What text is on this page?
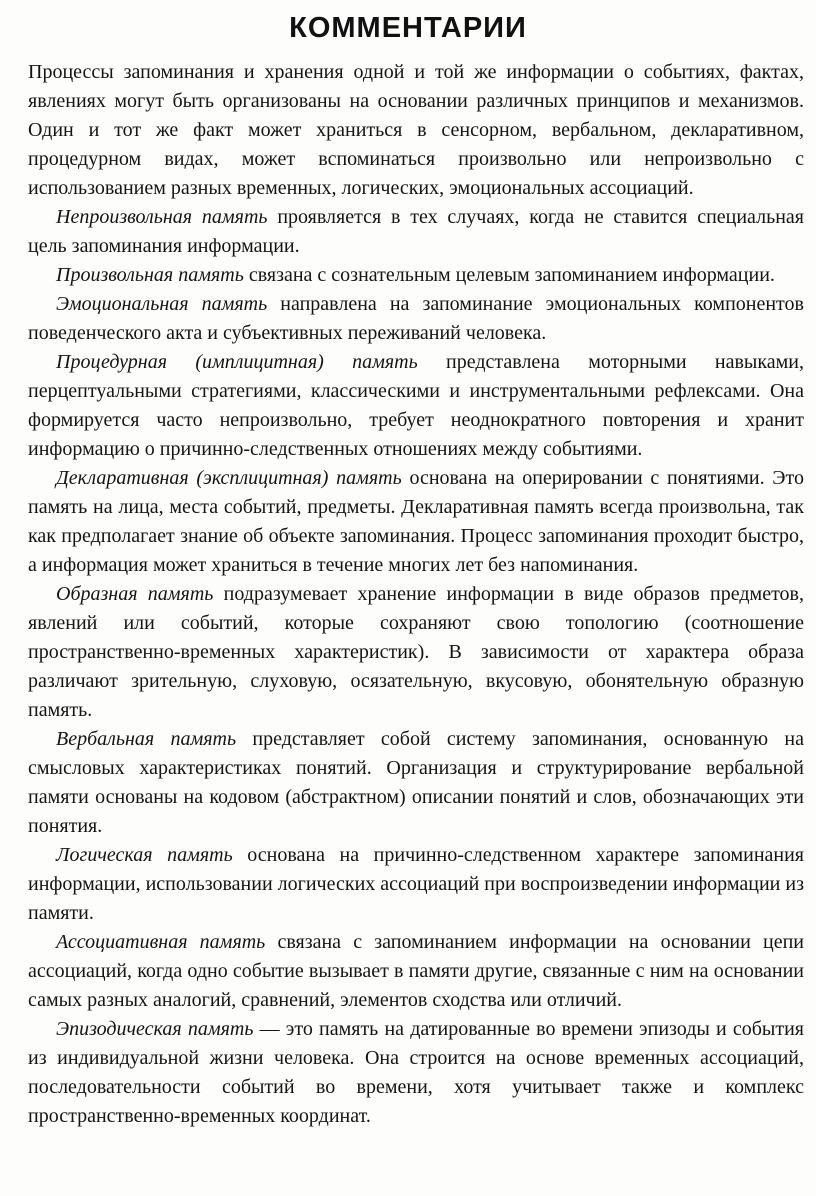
КОММЕНТАРИИ

Процессы запоминания и хранения одной и той же информации о событиях, фактах, явлениях могут быть организованы на основании различных принципов и механизмов. Один и тот же факт может храниться в сенсорном, вербальном, декларативном, процедурном видах, может вспоминаться произвольно или непроизвольно с использованием разных временных, логических, эмоциональных ассоциаций.

Непроизвольная память проявляется в тех случаях, когда не ставится специальная цель запоминания информации.

Произвольная память связана с сознательным целевым запоминанием информации.

Эмоциональная память направлена на запоминание эмоциональных компонентов поведенческого акта и субъективных переживаний человека.

Процедурная (имплицитная) память представлена моторными навыками, перцептуальными стратегиями, классическими и инструментальными рефлексами. Она формируется часто непроизвольно, требует неоднократного повторения и хранит информацию о причинно-следственных отношениях между событиями.

Декларативная (эксплицитная) память основана на оперировании с понятиями. Это память на лица, места событий, предметы. Декларативная память всегда произвольна, так как предполагает знание об объекте запоминания. Процесс запоминания проходит быстро, а информация может храниться в течение многих лет без напоминания.

Образная память подразумевает хранение информации в виде образов предметов, явлений или событий, которые сохраняют свою топологию (соотношение пространственно-временных характеристик). В зависимости от характера образа различают зрительную, слуховую, осязательную, вкусовую, обонятельную образную память.

Вербальная память представляет собой систему запоминания, основанную на смысловых характеристиках понятий. Организация и структурирование вербальной памяти основаны на кодовом (абстрактном) описании понятий и слов, обозначающих эти понятия.

Логическая память основана на причинно-следственном характере запоминания информации, использовании логических ассоциаций при воспроизведении информации из памяти.

Ассоциативная память связана с запоминанием информации на основании цепи ассоциаций, когда одно событие вызывает в памяти другие, связанные с ним на основании самых разных аналогий, сравнений, элементов сходства или отличий.

Эпизодическая память — это память на датированные во времени эпизоды и события из индивидуальной жизни человека. Она строится на основе временных ассоциаций, последовательности событий во времени, хотя учитывает также и комплекс пространственно-временных координат.
